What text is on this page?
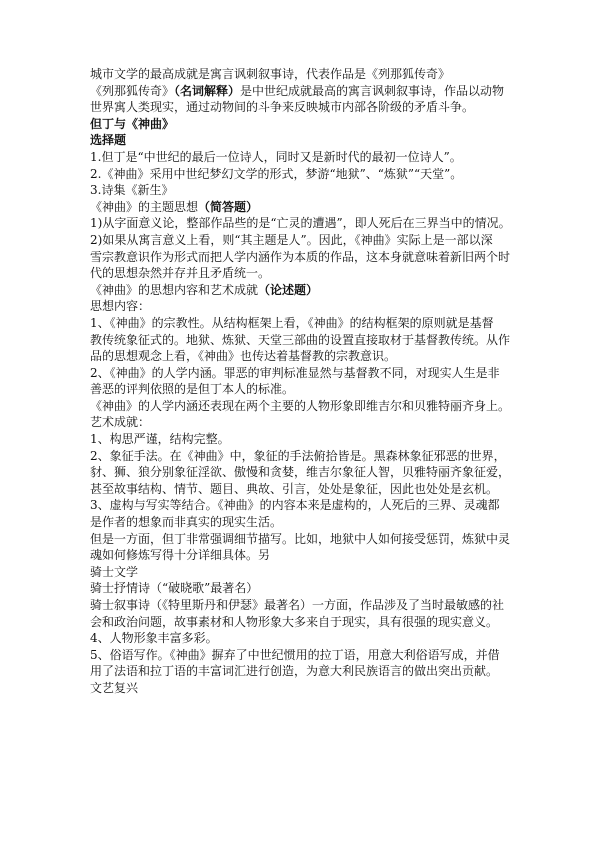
城市文学的最高成就是寓言讽刺叙事诗，代表作品是《列那狐传奇》
《列那狐传奇》（名词解释）是中世纪成就最高的寓言讽刺叙事诗，作品以动物
世界寓人类现实，通过动物间的斗争来反映城市内部各阶级的矛盾斗争。
但丁与《神曲》
选择题
1.但丁是“中世纪的最后一位诗人，同时又是新时代的最初一位诗人”。
2.《神曲》采用中世纪梦幻文学的形式，梦游“地狱”、“炼狱”“天堂”。
3.诗集《新生》
《神曲》的主题思想（简答题）
1)从字面意义论，整部作品些的是“亡灵的遭遇”，即人死后在三界当中的情况。
2)如果从寓言意义上看，则“其主题是人”。因此，《神曲》实际上是一部以深
雪宗教意识作为形式而把人学内涵作为本质的作品，这本身就意味着新旧两个时
代的思想杂然并存并且矛盾统一。
《神曲》的思想内容和艺术成就（论述题）
思想内容：
1、《神曲》的宗教性。从结构框架上看，《神曲》的结构框架的原则就是基督
教传统象征式的。地狱、炼狱、天堂三部曲的设置直接取材于基督教传统。从作
品的思想观念上看，《神曲》也传达着基督教的宗教意识。
2、《神曲》的人学内涵。罪恶的审判标准显然与基督教不同，对现实人生是非
善恶的评判依照的是但丁本人的标准。
《神曲》的人学内涵还表现在两个主要的人物形象即维吉尔和贝雅特丽齐身上。
艺术成就：
1、构思严谨，结构完整。
2、象征手法。在《神曲》中，象征的手法俯拾皆是。黑森林象征邪恶的世界，
豺、狮、狼分别象征淫欲、傲慢和贪婪，维吉尔象征人智，贝雅特丽齐象征爱，
甚至故事结构、情节、题目、典故、引言，处处是象征，因此也处处是玄机。
3、虚构与写实等结合。《神曲》的内容本来是虚构的，人死后的三界、灵魂都
是作者的想象而非真实的现实生活。
但是一方面，但丁非常强调细节描写。比如，地狱中人如何接受惩罚，炼狱中灵
魂如何修炼写得十分详细具体。另
骑士文学
骑士抒情诗（“破晓歌”最著名）
骑士叙事诗（《特里斯丹和伊瑟》最著名）一方面，作品涉及了当时最敏感的社
会和政治问题，故事素材和人物形象大多来自于现实，具有很强的现实意义。
4、人物形象丰富多彩。
5、俗语写作。《神曲》摒弃了中世纪惯用的拉丁语，用意大利俗语写成，并借
用了法语和拉丁语的丰富词汇进行创造，为意大利民族语言的做出突出贡献。
文艺复兴
